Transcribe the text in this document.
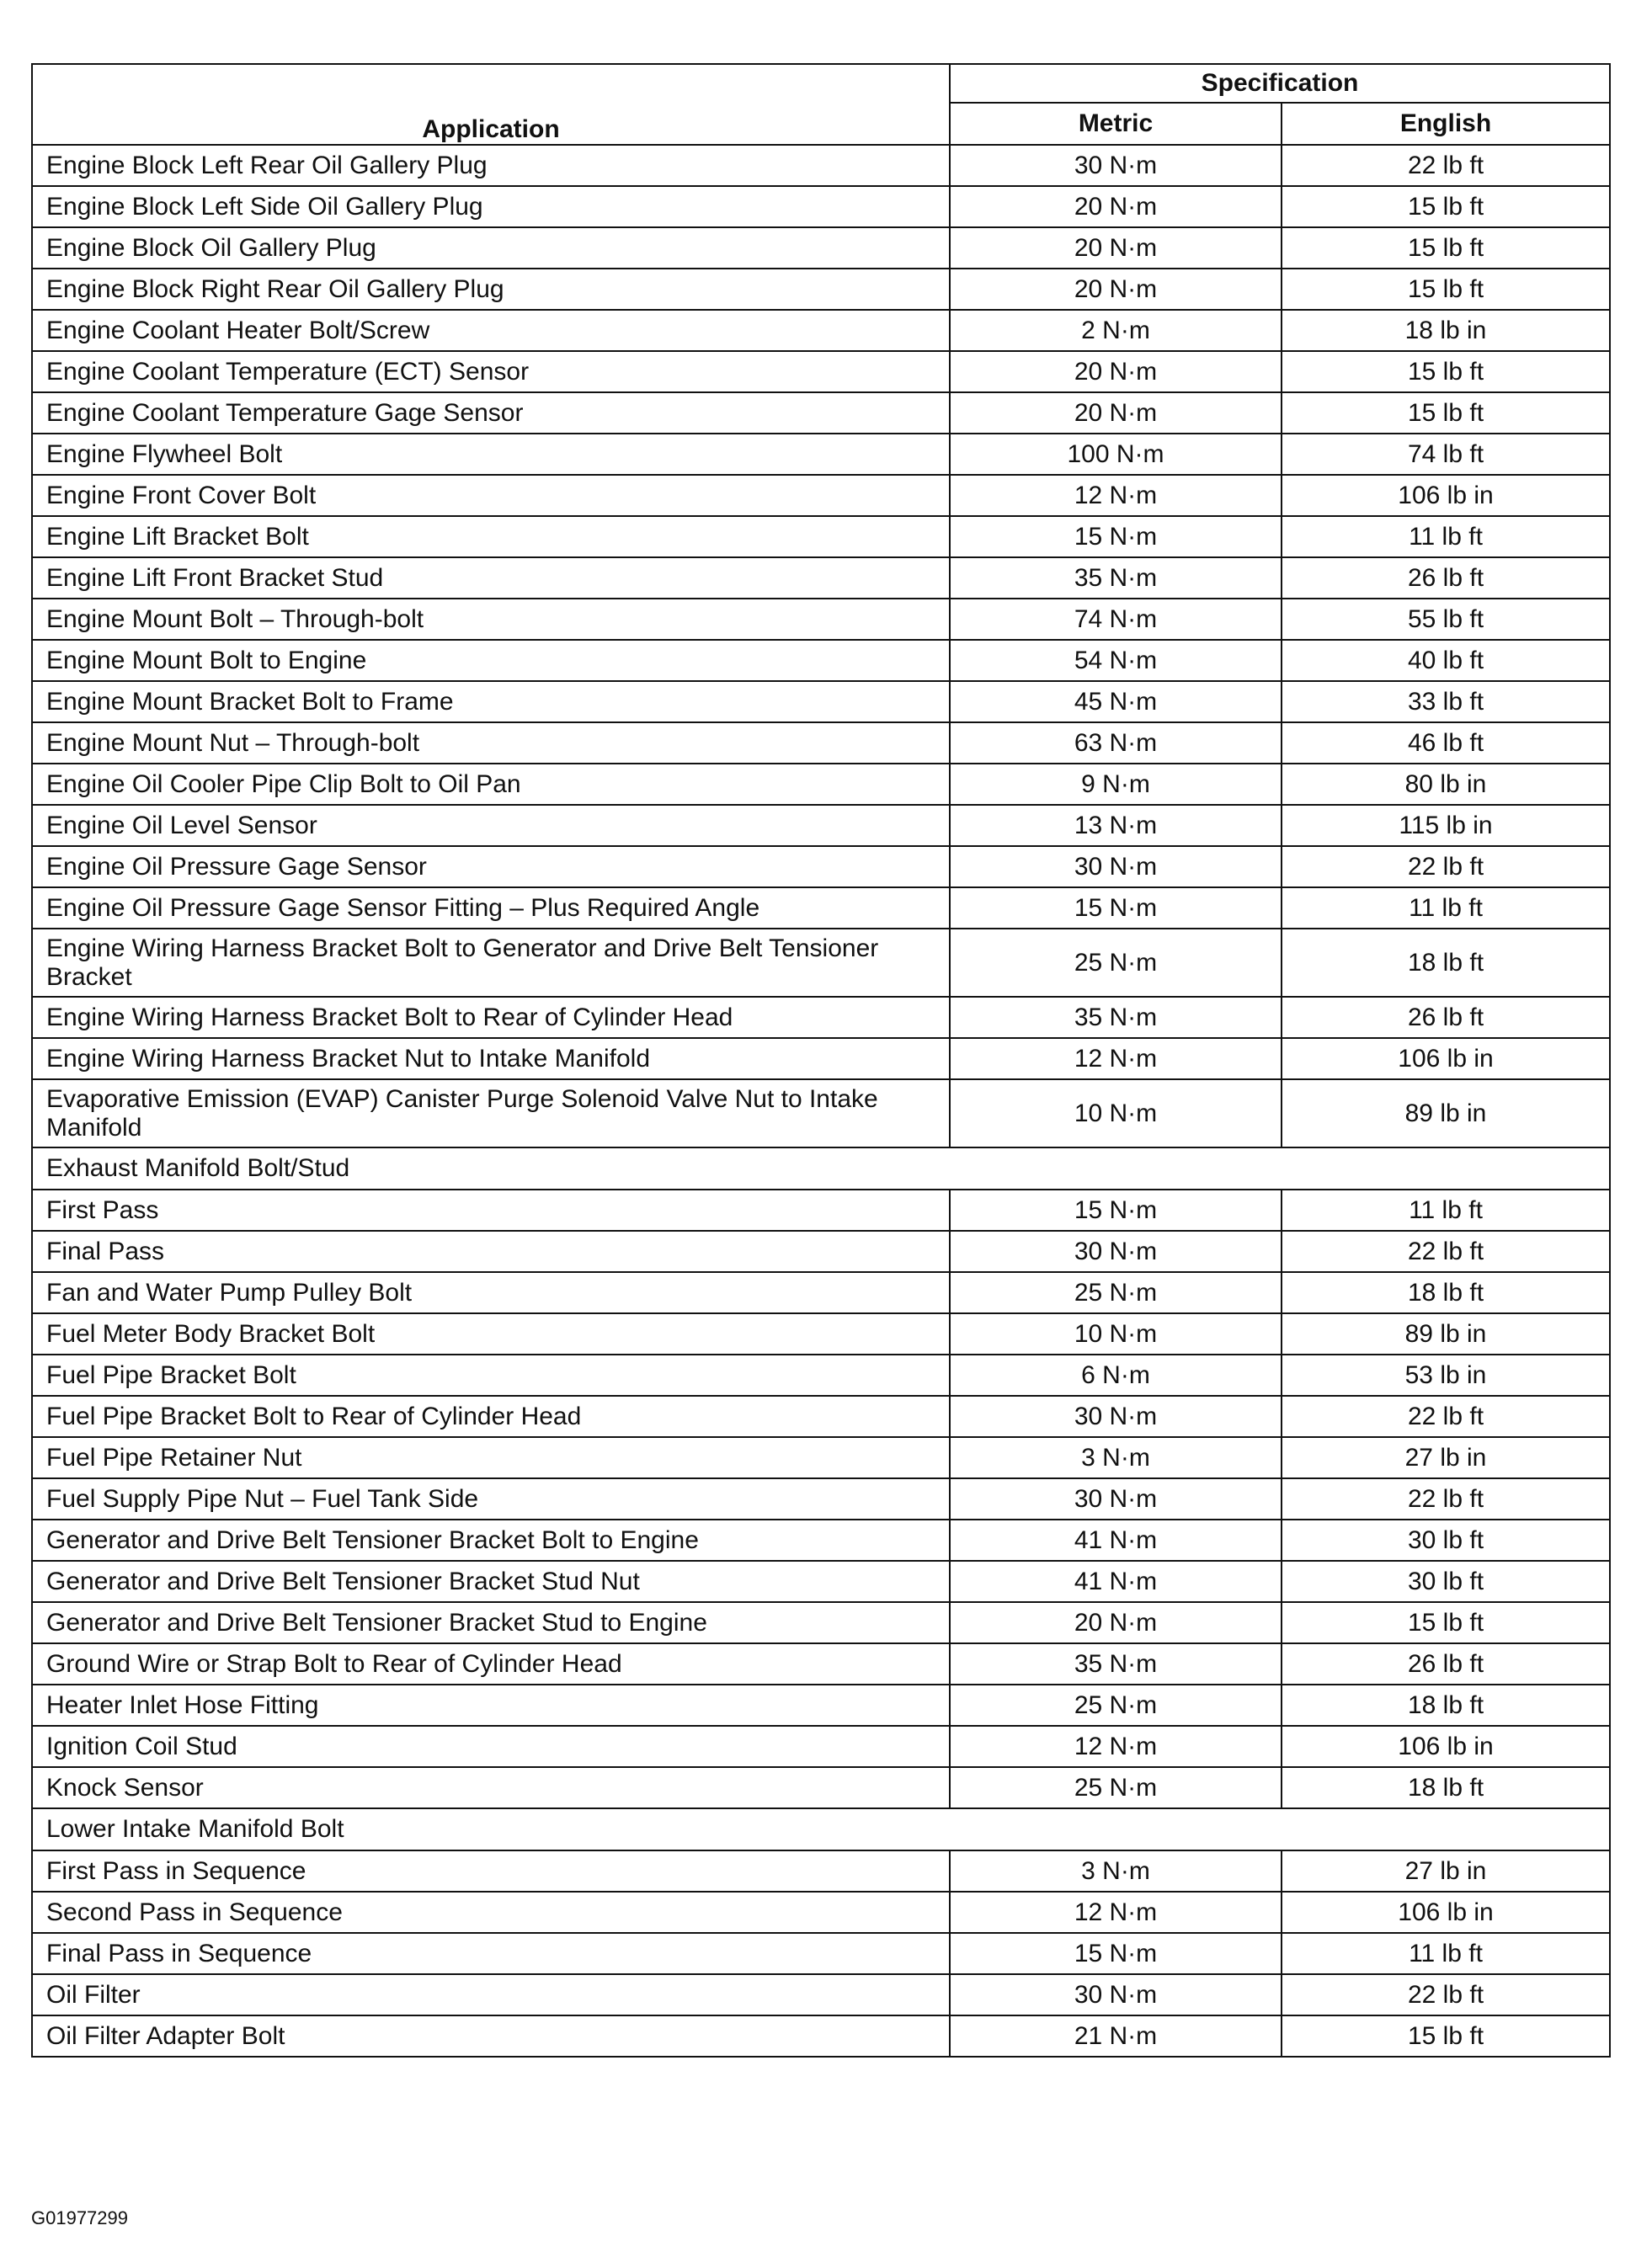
Application	Specification	
	Metric	English
Engine Block Left Rear Oil Gallery Plug	30 N·m	22 lb ft
Engine Block Left Side Oil Gallery Plug	20 N·m	15 lb ft
Engine Block Oil Gallery Plug	20 N·m	15 lb ft
Engine Block Right Rear Oil Gallery Plug	20 N·m	15 lb ft
Engine Coolant Heater Bolt/Screw	2 N·m	18 lb in
Engine Coolant Temperature (ECT) Sensor	20 N·m	15 lb ft
Engine Coolant Temperature Gage Sensor	20 N·m	15 lb ft
Engine Flywheel Bolt	100 N·m	74 lb ft
Engine Front Cover Bolt	12 N·m	106 lb in
Engine Lift Bracket Bolt	15 N·m	11 lb ft
Engine Lift Front Bracket Stud	35 N·m	26 lb ft
Engine Mount Bolt – Through-bolt	74 N·m	55 lb ft
Engine Mount Bolt to Engine	54 N·m	40 lb ft
Engine Mount Bracket Bolt to Frame	45 N·m	33 lb ft
Engine Mount Nut – Through-bolt	63 N·m	46 lb ft
Engine Oil Cooler Pipe Clip Bolt to Oil Pan	9 N·m	80 lb in
Engine Oil Level Sensor	13 N·m	115 lb in
Engine Oil Pressure Gage Sensor	30 N·m	22 lb ft
Engine Oil Pressure Gage Sensor Fitting – Plus Required Angle	15 N·m	11 lb ft
Engine Wiring Harness Bracket Bolt to Generator and Drive Belt Tensioner Bracket	25 N·m	18 lb ft
Engine Wiring Harness Bracket Bolt to Rear of Cylinder Head	35 N·m	26 lb ft
Engine Wiring Harness Bracket Nut to Intake Manifold	12 N·m	106 lb in
Evaporative Emission (EVAP) Canister Purge Solenoid Valve Nut to Intake Manifold	10 N·m	89 lb in
Exhaust Manifold Bolt/Stud		
First Pass	15 N·m	11 lb ft
Final Pass	30 N·m	22 lb ft
Fan and Water Pump Pulley Bolt	25 N·m	18 lb ft
Fuel Meter Body Bracket Bolt	10 N·m	89 lb in
Fuel Pipe Bracket Bolt	6 N·m	53 lb in
Fuel Pipe Bracket Bolt to Rear of Cylinder Head	30 N·m	22 lb ft
Fuel Pipe Retainer Nut	3 N·m	27 lb in
Fuel Supply Pipe Nut – Fuel Tank Side	30 N·m	22 lb ft
Generator and Drive Belt Tensioner Bracket Bolt to Engine	41 N·m	30 lb ft
Generator and Drive Belt Tensioner Bracket Stud Nut	41 N·m	30 lb ft
Generator and Drive Belt Tensioner Bracket Stud to Engine	20 N·m	15 lb ft
Ground Wire or Strap Bolt to Rear of Cylinder Head	35 N·m	26 lb ft
Heater Inlet Hose Fitting	25 N·m	18 lb ft
Ignition Coil Stud	12 N·m	106 lb in
Knock Sensor	25 N·m	18 lb ft
Lower Intake Manifold Bolt		
First Pass in Sequence	3 N·m	27 lb in
Second Pass in Sequence	12 N·m	106 lb in
Final Pass in Sequence	15 N·m	11 lb ft
Oil Filter	30 N·m	22 lb ft
Oil Filter Adapter Bolt	21 N·m	15 lb ft
G01977299
